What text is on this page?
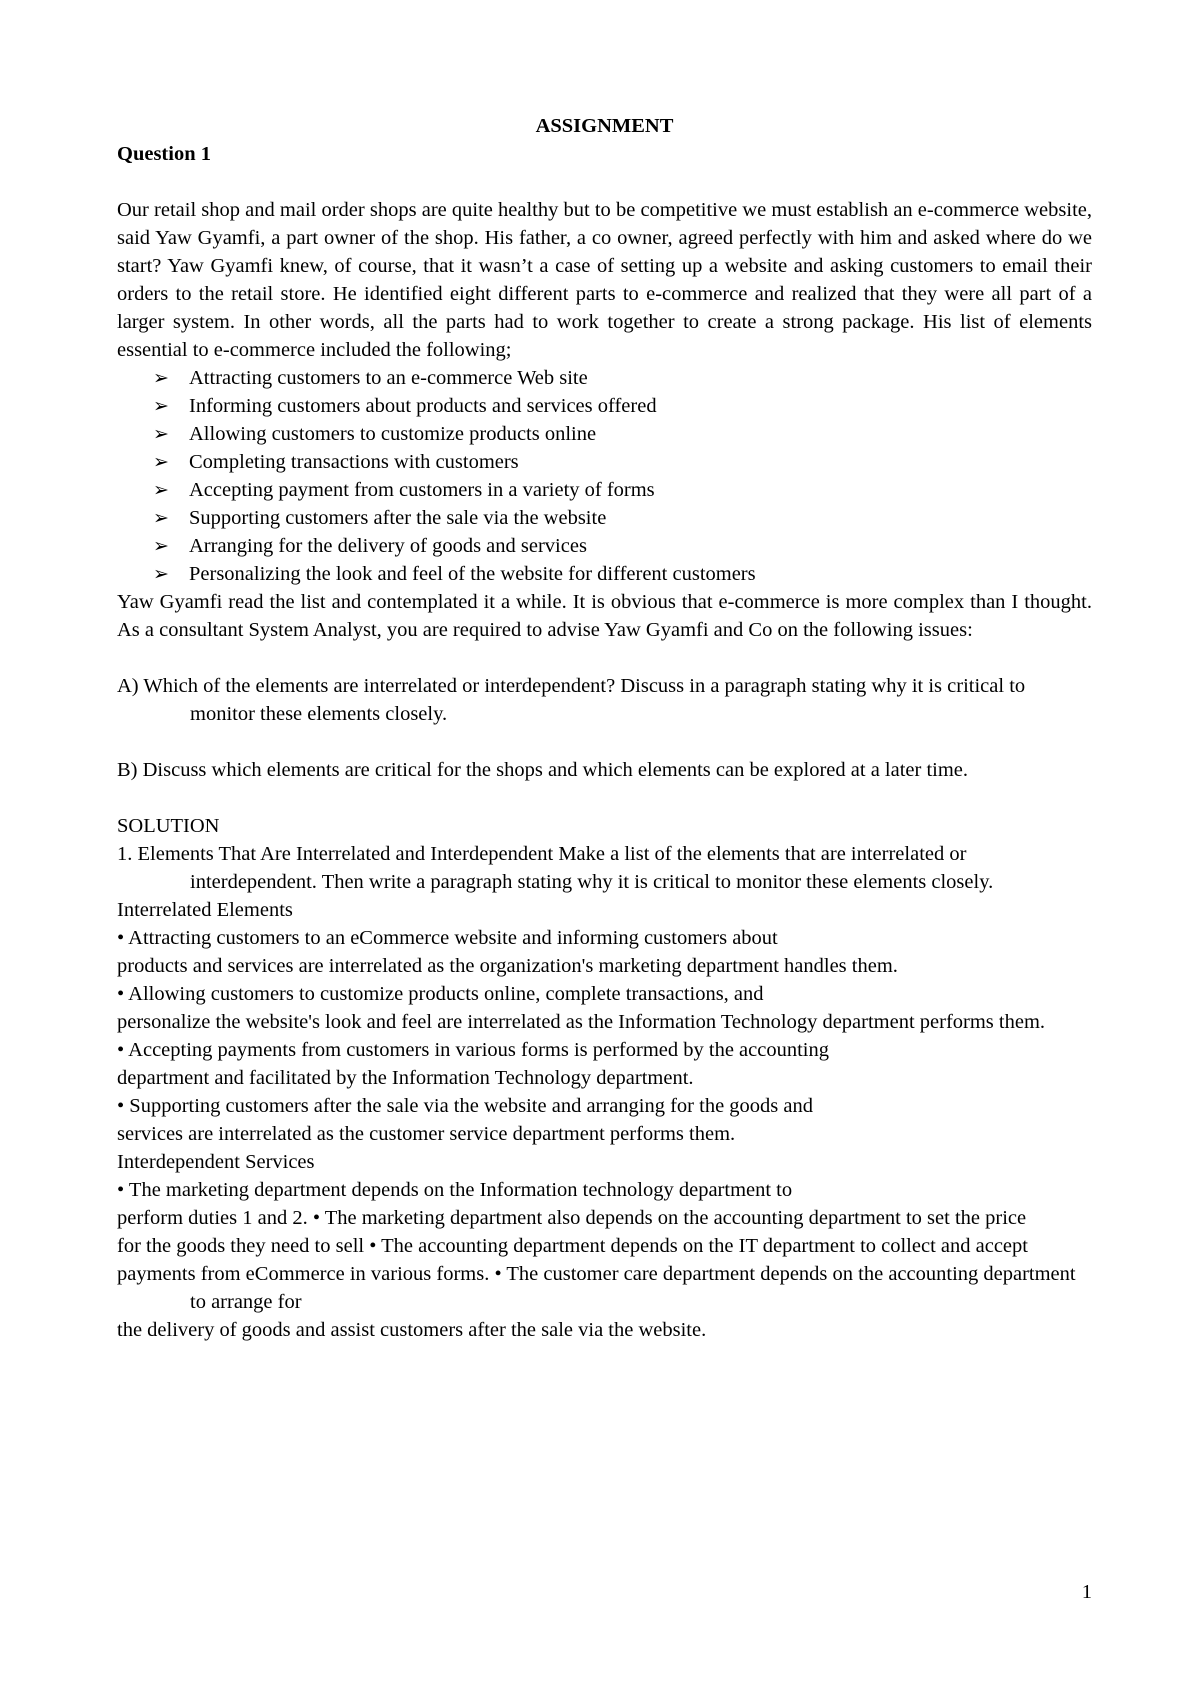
ASSIGNMENT

Question 1

Our retail shop and mail order shops are quite healthy but to be competitive we must establish an e-commerce website, said Yaw Gyamfi, a part owner of the shop. His father, a co owner, agreed perfectly with him and asked where do we start? Yaw Gyamfi knew, of course, that it wasn’t a case of setting up a website and asking customers to email their orders to the retail store. He identified eight different parts to e-commerce and realized that they were all part of a larger system. In other words, all the parts had to work together to create a strong package. His list of elements essential to e-commerce included the following;

➢ Attracting customers to an e-commerce Web site
➢ Informing customers about products and services offered
➢ Allowing customers to customize products online
➢ Completing transactions with customers
➢ Accepting payment from customers in a variety of forms
➢ Supporting customers after the sale via the website
➢ Arranging for the delivery of goods and services
➢ Personalizing the look and feel of the website for different customers

Yaw Gyamfi read the list and contemplated it a while. It is obvious that e-commerce is more complex than I thought. As a consultant System Analyst, you are required to advise Yaw Gyamfi and Co on the following issues:

A) Which of the elements are interrelated or interdependent? Discuss in a paragraph stating why it is critical to monitor these elements closely.

B) Discuss which elements are critical for the shops and which elements can be explored at a later time.

SOLUTION

1. Elements That Are Interrelated and Interdependent Make a list of the elements that are interrelated or interdependent. Then write a paragraph stating why it is critical to monitor these elements closely.

Interrelated Elements

• Attracting customers to an eCommerce website and informing customers about

products and services are interrelated as the organization's marketing department handles them.

• Allowing customers to customize products online, complete transactions, and

personalize the website's look and feel are interrelated as the Information Technology department performs them.

• Accepting payments from customers in various forms is performed by the accounting

department and facilitated by the Information Technology department.

• Supporting customers after the sale via the website and arranging for the goods and

services are interrelated as the customer service department performs them.

Interdependent Services

• The marketing department depends on the Information technology department to

perform duties 1 and 2. • The marketing department also depends on the accounting department to set the price

for the goods they need to sell • The accounting department depends on the IT department to collect and accept

payments from eCommerce in various forms. • The customer care department depends on the accounting department to arrange for

the delivery of goods and assist customers after the sale via the website.

1
